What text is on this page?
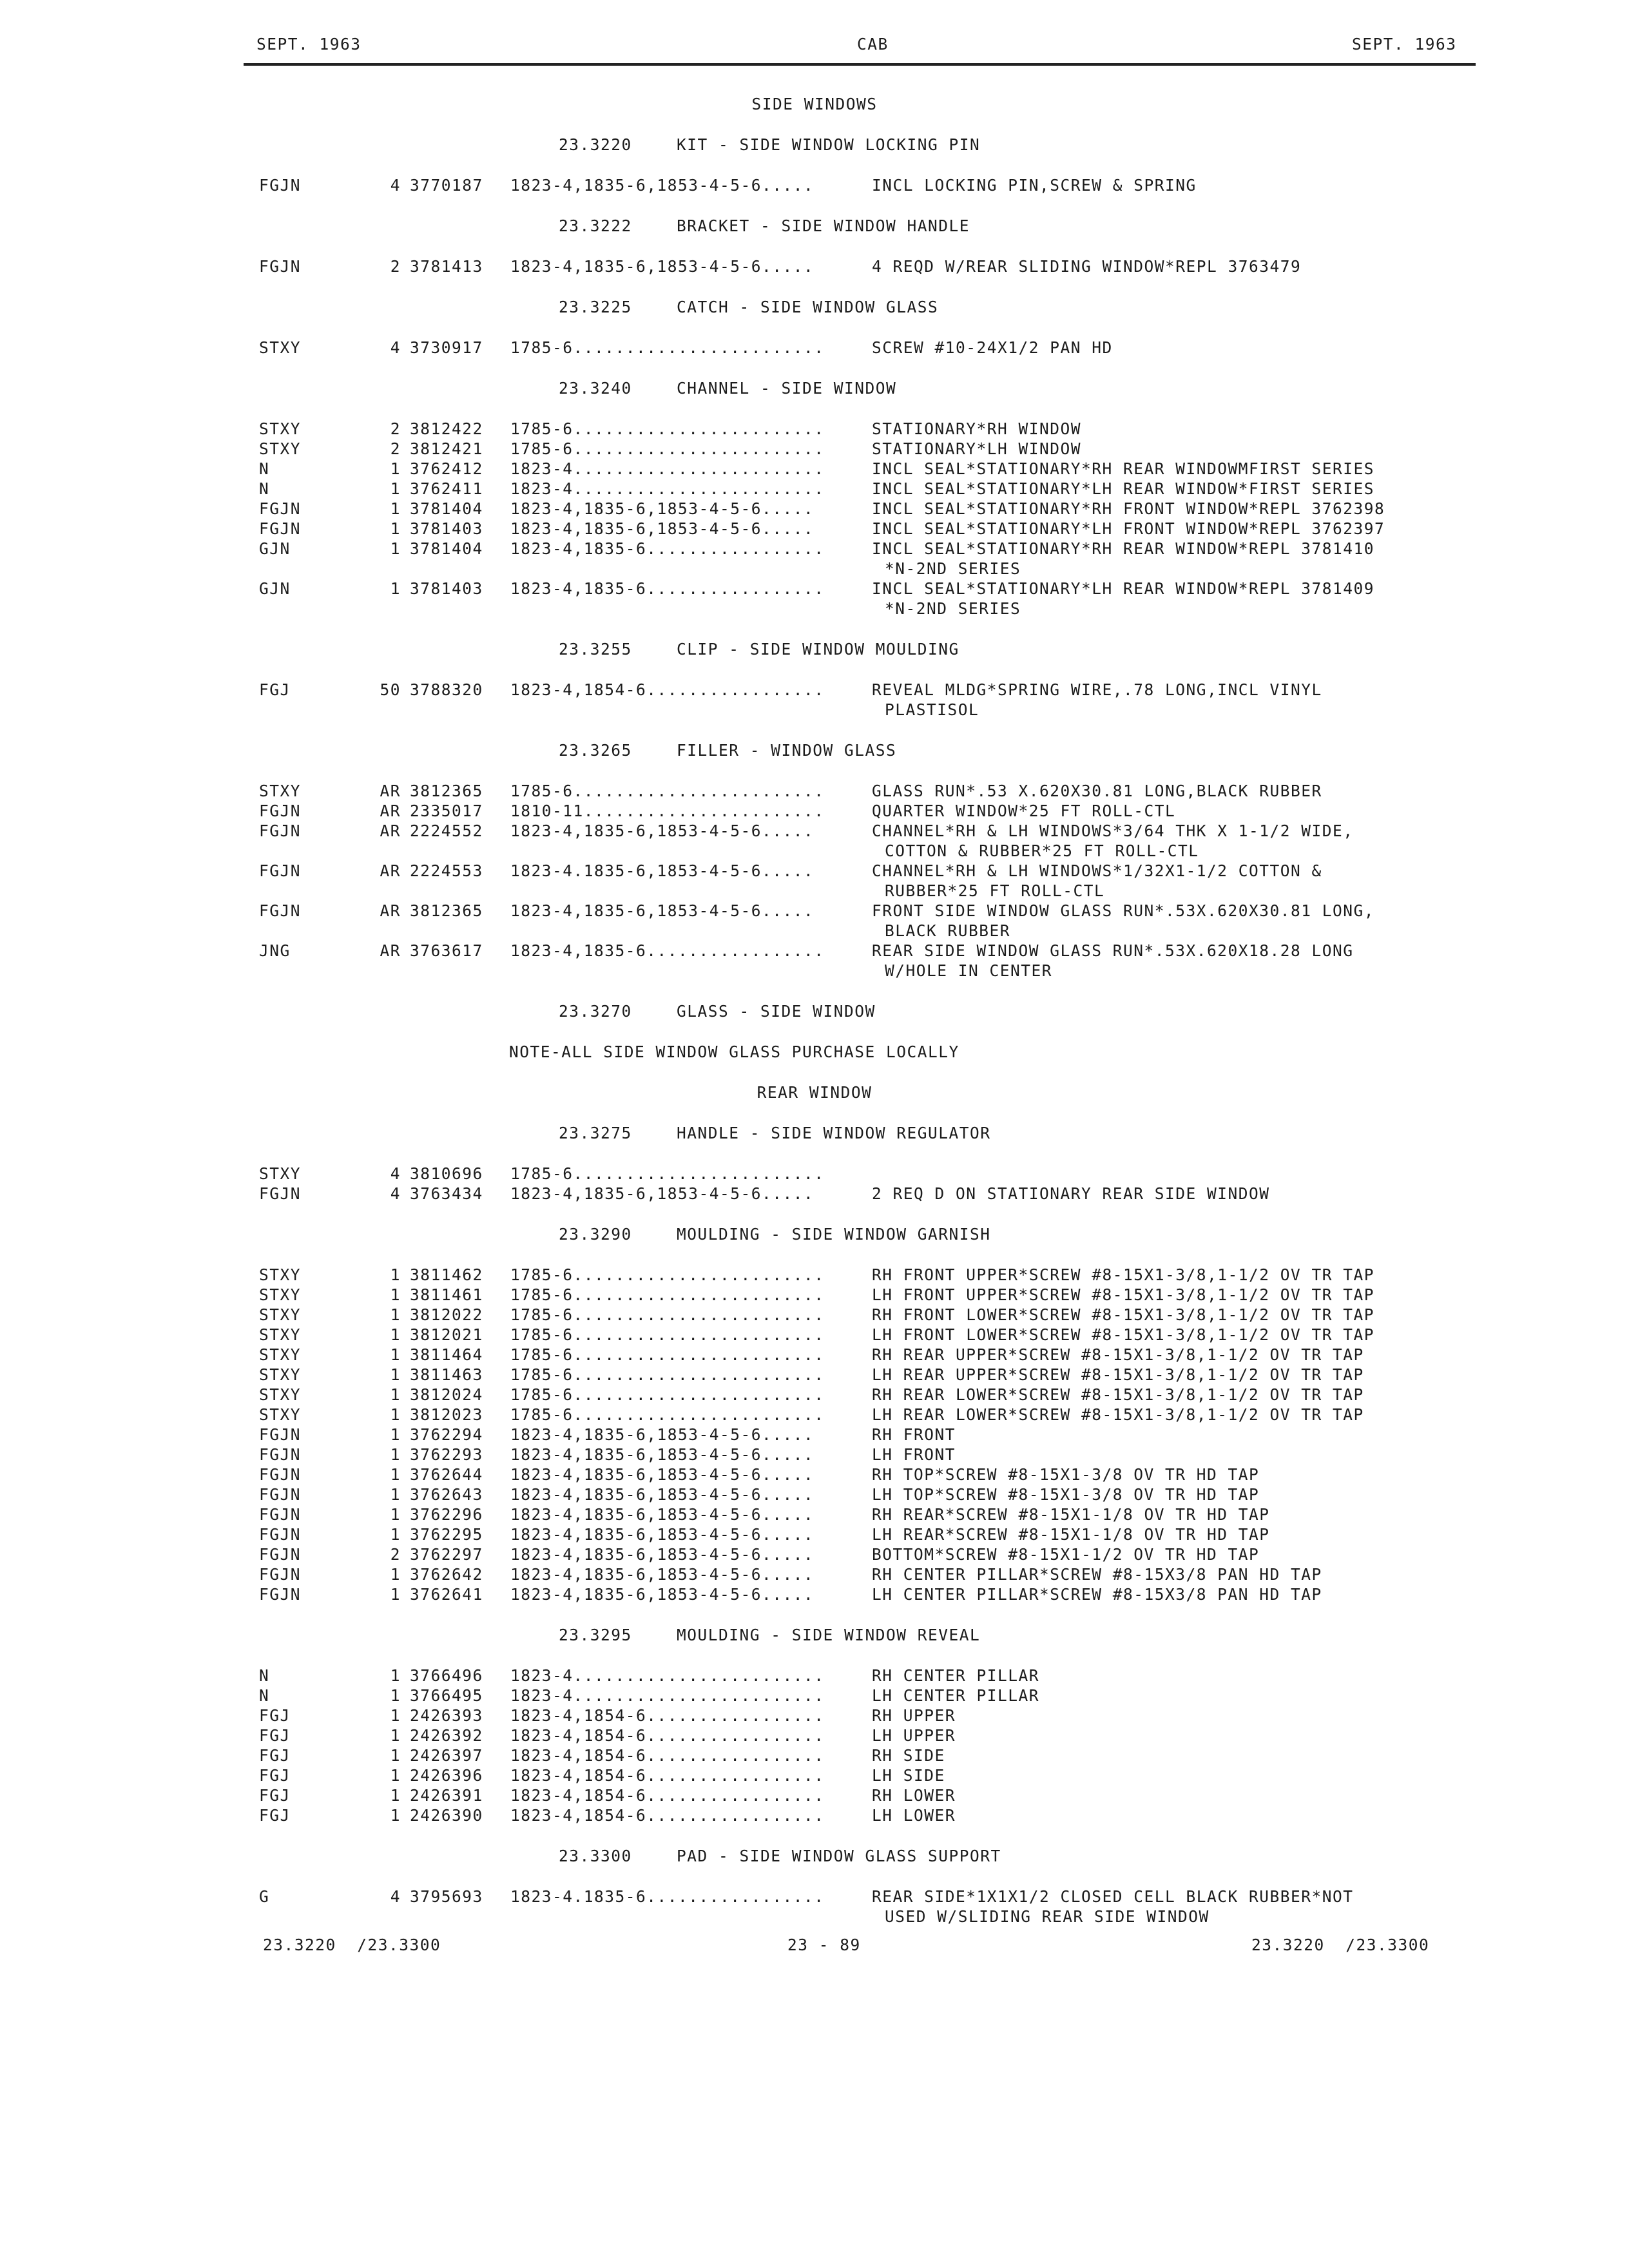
SEPT. 1963	CAB	SEPT. 1963
SIDE WINDOWS
23.3220	KIT - SIDE WINDOW LOCKING PIN
FGJN	4 3770187 1823-4,1835-6,1853-4-5-6.....	INCL LOCKING PIN,SCREW & SPRING
23.3222	BRACKET - SIDE WINDOW HANDLE
FGJN	2 3781413 1823-4,1835-6,1853-4-5-6.....	4 REQD W/REAR SLIDING WINDOW*REPL 3763479
23.3225	CATCH - SIDE WINDOW GLASS
STXY	4 3730917 1785-6........................	SCREW #10-24X1/2 PAN HD
23.3240	CHANNEL - SIDE WINDOW
STXY	2 3812422 1785-6........................	STATIONARY*RH WINDOW
STXY	2 3812421 1785-6........................	STATIONARY*LH WINDOW
N	1 3762412 1823-4........................	INCL SEAL*STATIONARY*RH REAR WINDOWMFIRST SERIES
N	1 3762411 1823-4........................	INCL SEAL*STATIONARY*LH REAR WINDOW*FIRST SERIES
FGJN	1 3781404 1823-4,1835-6,1853-4-5-6.....	INCL SEAL*STATIONARY*RH FRONT WINDOW*REPL 3762398
FGJN	1 3781403 1823-4,1835-6,1853-4-5-6.....	INCL SEAL*STATIONARY*LH FRONT WINDOW*REPL 3762397
GJN	1 3781404 1823-4,1835-6.................	INCL SEAL*STATIONARY*RH REAR WINDOW*REPL 3781410
*N-2ND SERIES
GJN	1 3781403 1823-4,1835-6.................	INCL SEAL*STATIONARY*LH REAR WINDOW*REPL 3781409
*N-2ND SERIES
23.3255	CLIP - SIDE WINDOW MOULDING
FGJ	50 3788320 1823-4,1854-6.................	REVEAL MLDG*SPRING WIRE,.78 LONG,INCL VINYL
PLASTISOL
23.3265	FILLER - WINDOW GLASS
STXY	AR 3812365 1785-6........................	GLASS RUN*.53 X.620X30.81 LONG,BLACK RUBBER
FGJN	AR 2335017 1810-11.......................	QUARTER WINDOW*25 FT ROLL-CTL
FGJN	AR 2224552 1823-4,1835-6,1853-4-5-6.....	CHANNEL*RH & LH WINDOWS*3/64 THK X 1-1/2 WIDE,
COTTON & RUBBER*25 FT ROLL-CTL
FGJN	AR 2224553 1823-4.1835-6,1853-4-5-6.....	CHANNEL*RH & LH WINDOWS*1/32X1-1/2 COTTON &
RUBBER*25 FT ROLL-CTL
FGJN	AR 3812365 1823-4,1835-6,1853-4-5-6.....	FRONT SIDE WINDOW GLASS RUN*.53X.620X30.81 LONG,
BLACK RUBBER
JNG	AR 3763617 1823-4,1835-6.................	REAR SIDE WINDOW GLASS RUN*.53X.620X18.28 LONG
W/HOLE IN CENTER
23.3270	GLASS - SIDE WINDOW
NOTE-ALL SIDE WINDOW GLASS PURCHASE LOCALLY
REAR WINDOW
23.3275	HANDLE - SIDE WINDOW REGULATOR
STXY	4 3810696 1785-6........................
FGJN	4 3763434 1823-4,1835-6,1853-4-5-6.....	2 REQ D ON STATIONARY REAR SIDE WINDOW
23.3290	MOULDING - SIDE WINDOW GARNISH
STXY	1 3811462 1785-6........................	RH FRONT UPPER*SCREW #8-15X1-3/8,1-1/2 OV TR TAP
STXY	1 3811461 1785-6........................	LH FRONT UPPER*SCREW #8-15X1-3/8,1-1/2 OV TR TAP
STXY	1 3812022 1785-6........................	RH FRONT LOWER*SCREW #8-15X1-3/8,1-1/2 OV TR TAP
STXY	1 3812021 1785-6........................	LH FRONT LOWER*SCREW #8-15X1-3/8,1-1/2 OV TR TAP
STXY	1 3811464 1785-6........................	RH REAR UPPER*SCREW #8-15X1-3/8,1-1/2 OV TR TAP
STXY	1 3811463 1785-6........................	LH REAR UPPER*SCREW #8-15X1-3/8,1-1/2 OV TR TAP
STXY	1 3812024 1785-6........................	RH REAR LOWER*SCREW #8-15X1-3/8,1-1/2 OV TR TAP
STXY	1 3812023 1785-6........................	LH REAR LOWER*SCREW #8-15X1-3/8,1-1/2 OV TR TAP
FGJN	1 3762294 1823-4,1835-6,1853-4-5-6.....	RH FRONT
FGJN	1 3762293 1823-4,1835-6,1853-4-5-6.....	LH FRONT
FGJN	1 3762644 1823-4,1835-6,1853-4-5-6.....	RH TOP*SCREW #8-15X1-3/8 OV TR HD TAP
FGJN	1 3762643 1823-4,1835-6,1853-4-5-6.....	LH TOP*SCREW #8-15X1-3/8 OV TR HD TAP
FGJN	1 3762296 1823-4,1835-6,1853-4-5-6.....	RH REAR*SCREW #8-15X1-1/8 OV TR HD TAP
FGJN	1 3762295 1823-4,1835-6,1853-4-5-6.....	LH REAR*SCREW #8-15X1-1/8 OV TR HD TAP
FGJN	2 3762297 1823-4,1835-6,1853-4-5-6.....	BOTTOM*SCREW #8-15X1-1/2 OV TR HD TAP
FGJN	1 3762642 1823-4,1835-6,1853-4-5-6.....	RH CENTER PILLAR*SCREW #8-15X3/8 PAN HD TAP
FGJN	1 3762641 1823-4,1835-6,1853-4-5-6.....	LH CENTER PILLAR*SCREW #8-15X3/8 PAN HD TAP
23.3295	MOULDING - SIDE WINDOW REVEAL
N	1 3766496 1823-4........................	RH CENTER PILLAR
N	1 3766495 1823-4........................	LH CENTER PILLAR
FGJ	1 2426393 1823-4,1854-6.................	RH UPPER
FGJ	1 2426392 1823-4,1854-6.................	LH UPPER
FGJ	1 2426397 1823-4,1854-6.................	RH SIDE
FGJ	1 2426396 1823-4,1854-6.................	LH SIDE
FGJ	1 2426391 1823-4,1854-6.................	RH LOWER
FGJ	1 2426390 1823-4,1854-6.................	LH LOWER
23.3300	PAD - SIDE WINDOW GLASS SUPPORT
G	4 3795693 1823-4.1835-6.................	REAR SIDE*1X1X1/2 CLOSED CELL BLACK RUBBER*NOT
USED W/SLIDING REAR SIDE WINDOW

23.3220  /23.3300

	23 - 89

	23.3220  /23.3300
